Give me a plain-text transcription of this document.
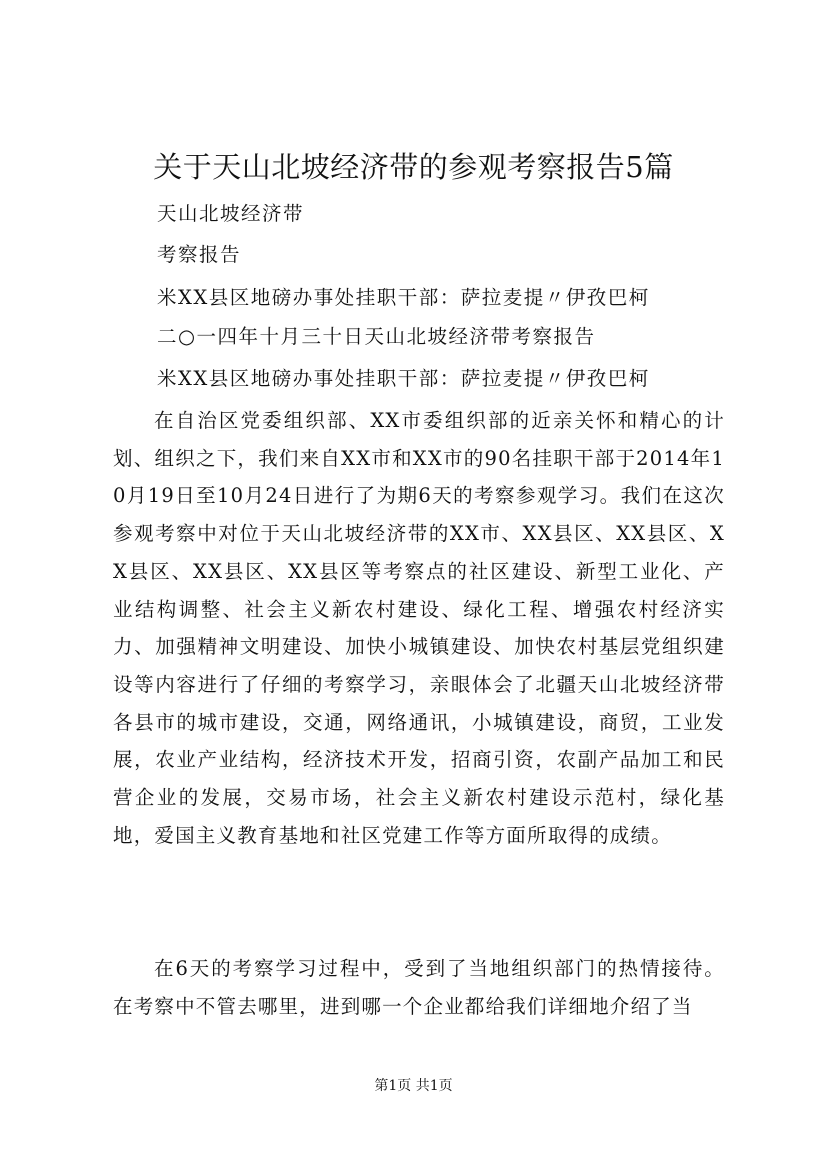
关于天山北坡经济带的参观考察报告5篇

天山北坡经济带

考察报告

米XX县区地磅办事处挂职干部：萨拉麦提〃伊孜巴柯

二○一四年十月三十日天山北坡经济带考察报告

米XX县区地磅办事处挂职干部：萨拉麦提〃伊孜巴柯

在自治区党委组织部、XX市委组织部的近亲关怀和精心的计划、组织之下，我们来自XX市和XX市的90名挂职干部于2014年10月19日至10月24日进行了为期6天的考察参观学习。我们在这次参观考察中对位于天山北坡经济带的XX市、XX县区、XX县区、XX县区、XX县区、XX县区等考察点的社区建设、新型工业化、产业结构调整、社会主义新农村建设、绿化工程、增强农村经济实力、加强精神文明建设、加快小城镇建设、加快农村基层党组织建设等内容进行了仔细的考察学习，亲眼体会了北疆天山北坡经济带各县市的城市建设，交通，网络通讯，小城镇建设，商贸，工业发展，农业产业结构，经济技术开发，招商引资，农副产品加工和民营企业的发展，交易市场，社会主义新农村建设示范村，绿化基地，爱国主义教育基地和社区党建工作等方面所取得的成绩。

在6天的考察学习过程中，受到了当地组织部门的热情接待。在考察中不管去哪里，进到哪一个企业都给我们详细地介绍了当

第1页 共1页
